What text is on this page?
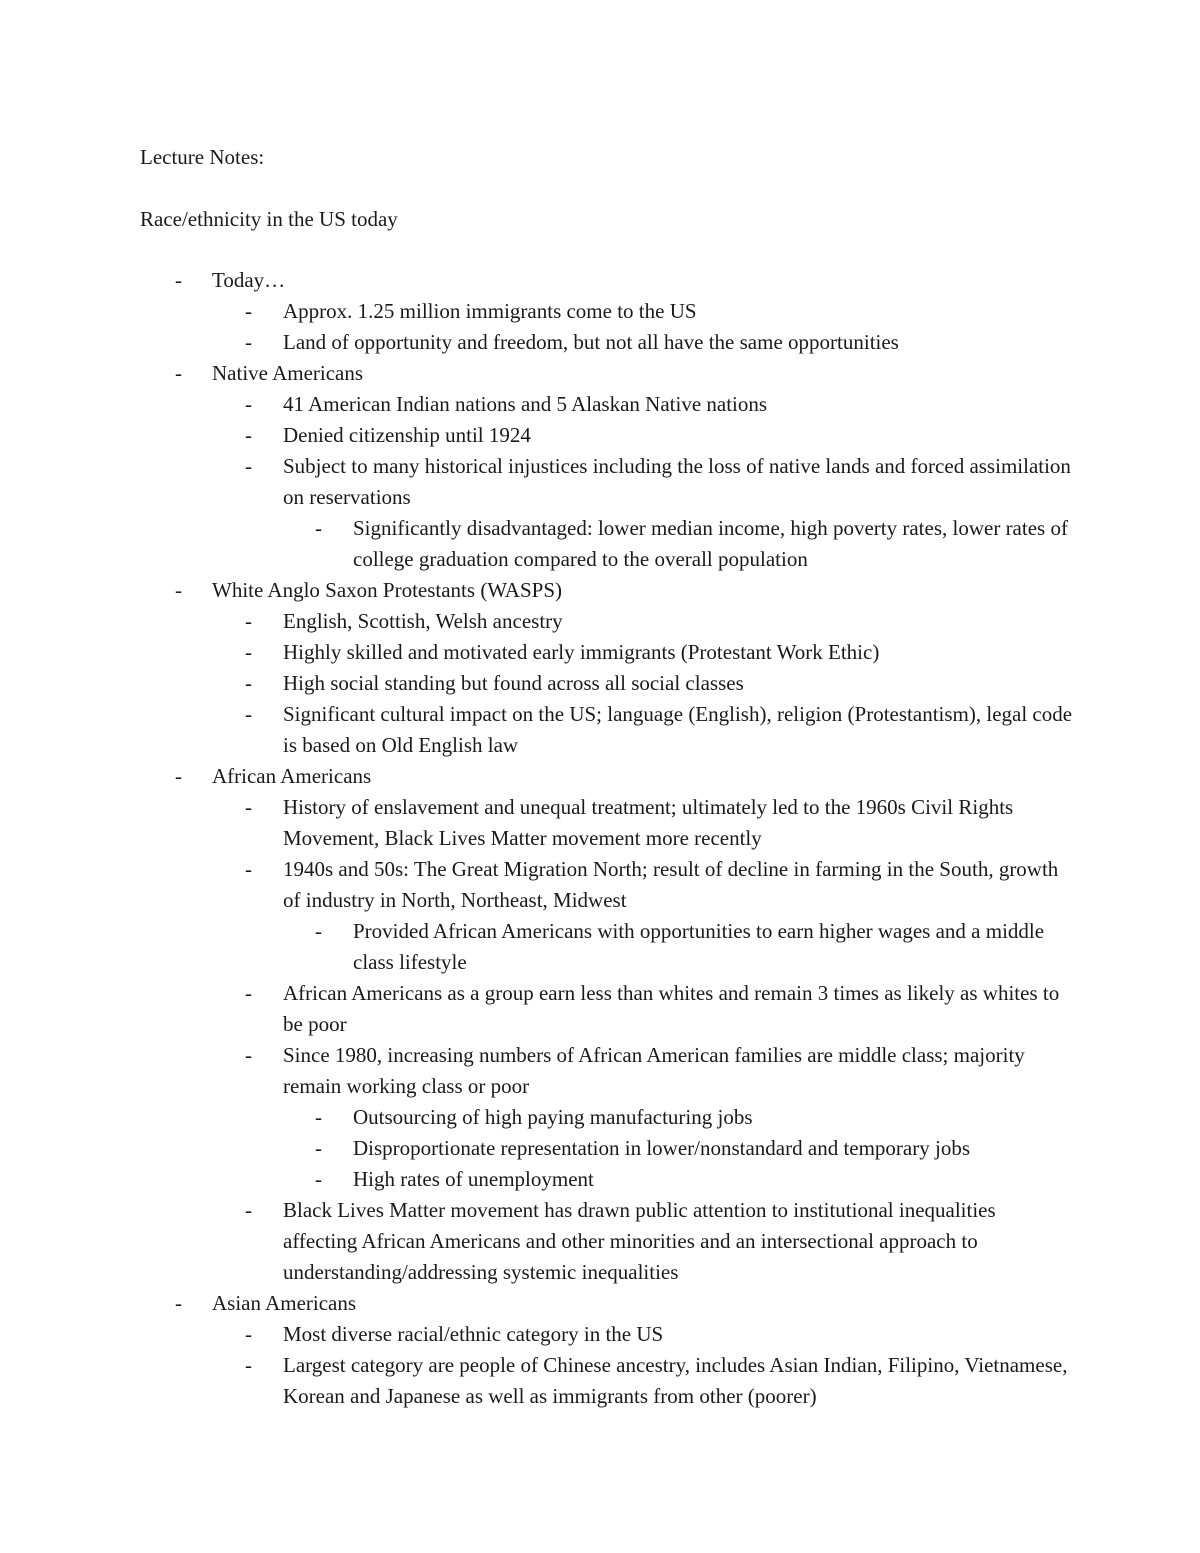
Lecture Notes:
Race/ethnicity in the US today
-	Today…
-	Approx. 1.25 million immigrants come to the US
-	Land of opportunity and freedom, but not all have the same opportunities
-	Native Americans
-	41 American Indian nations and 5 Alaskan Native nations
-	Denied citizenship until 1924
-	Subject to many historical injustices including the loss of native lands and forced assimilation on reservations
-	Significantly disadvantaged: lower median income, high poverty rates, lower rates of college graduation compared to the overall population
-	White Anglo Saxon Protestants (WASPS)
-	English, Scottish, Welsh ancestry
-	Highly skilled and motivated early immigrants (Protestant Work Ethic)
-	High social standing but found across all social classes
-	Significant cultural impact on the US; language (English), religion (Protestantism), legal code is based on Old English law
-	African Americans
-	History of enslavement and unequal treatment; ultimately led to the 1960s Civil Rights Movement, Black Lives Matter movement more recently
-	1940s and 50s: The Great Migration North; result of decline in farming in the South, growth of industry in North, Northeast, Midwest
-	Provided African Americans with opportunities to earn higher wages and a middle class lifestyle
-	African Americans as a group earn less than whites and remain 3 times as likely as whites to be poor
-	Since 1980, increasing numbers of African American families are middle class; majority remain working class or poor
-	Outsourcing of high paying manufacturing jobs
-	Disproportionate representation in lower/nonstandard and temporary jobs
-	High rates of unemployment
-	Black Lives Matter movement has drawn public attention to institutional inequalities affecting African Americans and other minorities and an intersectional approach to understanding/addressing systemic inequalities
-	Asian Americans
-	Most diverse racial/ethnic category in the US
-	Largest category are people of Chinese ancestry, includes Asian Indian, Filipino, Vietnamese, Korean and Japanese as well as immigrants from other (poorer)
